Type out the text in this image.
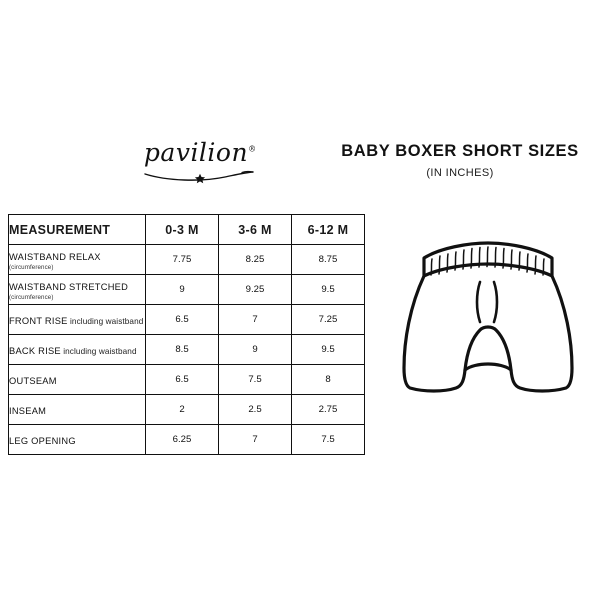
pavilion®	BABY BOXER SHORT SIZES
(IN INCHES)
MEASUREMENT	0-3 M	3-6 M	6-12 M
WAISTBAND RELAX
(circumference)	7.75	8.25	8.75
WAISTBAND STRETCHED
(circumference)	9	9.25	9.5
FRONT RISE including waistband	6.5	7	7.25
BACK RISE including waistband	8.5	9	9.5
OUTSEAM	6.5	7.5	8
INSEAM	2	2.5	2.75
LEG OPENING	6.25	7	7.5
